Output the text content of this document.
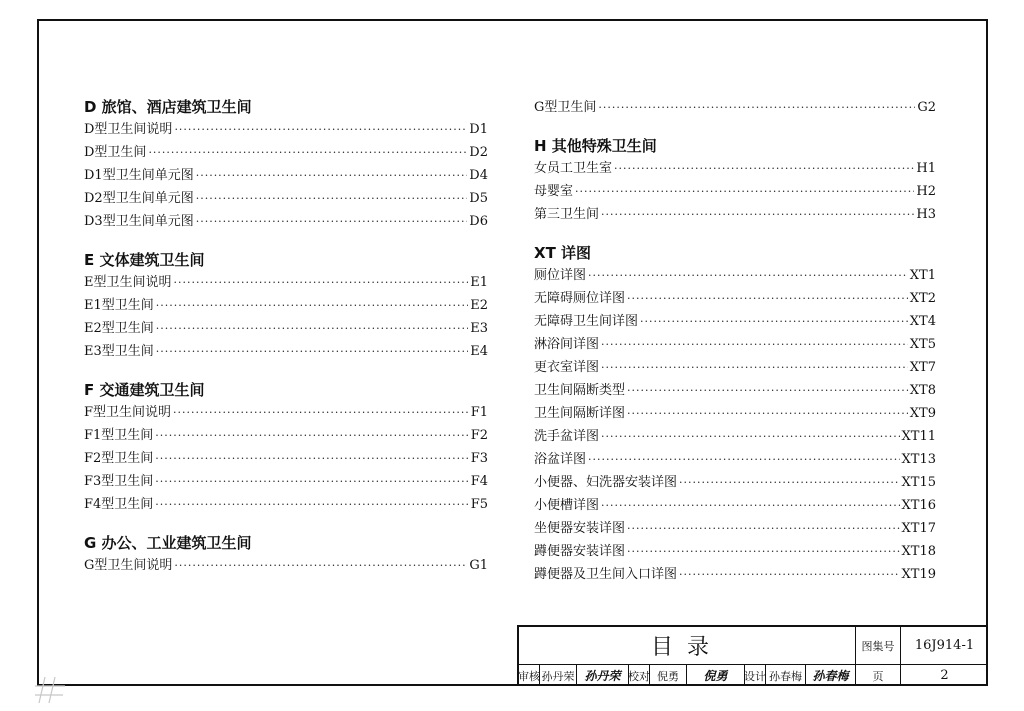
D 旅馆、酒店建筑卫生间
D型卫生间说明 ·····	D1
D型卫生间 ·····	D2
D1型卫生间单元图 ·····	D4
D2型卫生间单元图 ·····	D5
D3型卫生间单元图 ·····	D6
E 文体建筑卫生间
E型卫生间说明 ·····	E1
E1型卫生间 ·····	E2
E2型卫生间 ·····	E3
E3型卫生间 ·····	E4
F 交通建筑卫生间
F型卫生间说明 ·····	F1
F1型卫生间 ·····	F2
F2型卫生间 ·····	F3
F3型卫生间 ·····	F4
F4型卫生间 ·····	F5
G 办公、工业建筑卫生间
G型卫生间说明 ·····	G1
G型卫生间 ·····	G2
H 其他特殊卫生间
女员工卫生室 ·····	H1
母婴室 ·····	H2
第三卫生间 ·····	H3
XT 详图
厕位详图 ·····	XT1
无障碍厕位详图 ·····	XT2
无障碍卫生间详图 ·····	XT4
淋浴间详图 ·····	XT5
更衣室详图 ·····	XT7
卫生间隔断类型 ·····	XT8
卫生间隔断详图 ·····	XT9
洗手盆详图 ·····	XT11
浴盆详图 ·····	XT13
小便器、妇洗器安装详图 ·····	XT15
小便槽详图 ·····	XT16
坐便器安装详图 ·····	XT17
蹲便器安装详图 ·····	XT18
蹲便器及卫生间入口详图 ·····	XT19
目录	图集号	16J914-1
审核 孙丹荣 孙丹荣 校对 倪勇	倪勇	设计 孙春梅 孙春梅	页	2
